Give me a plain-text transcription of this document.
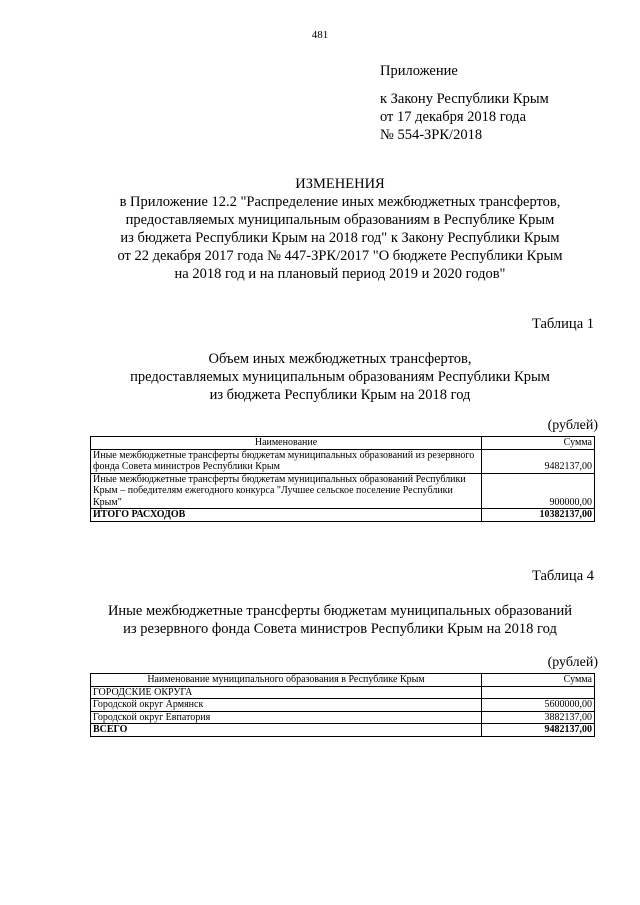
481
Приложение
к Закону Республики Крым
от 17 декабря 2018 года
№ 554-ЗРК/2018
ИЗМЕНЕНИЯ
в Приложение 12.2 "Распределение иных межбюджетных трансфертов,
предоставляемых муниципальным образованиям в Республике Крым
из бюджета Республики Крым на 2018 год" к Закону Республики Крым
от 22 декабря 2017 года № 447-ЗРК/2017 "О бюджете Республики Крым
на 2018 год и на плановый период 2019 и 2020 годов"
Таблица 1
Объем иных межбюджетных трансфертов,
предоставляемых муниципальным образованиям Республики Крым
из бюджета Республики Крым на 2018 год
(рублей)
Наименование	Сумма
Иные межбюджетные трансферты бюджетам муниципальных образований из резервного фонда Совета министров Республики Крым	9482137,00
Иные межбюджетные трансферты бюджетам муниципальных образований Республики Крым – победителям ежегодного конкурса "Лучшее сельское поселение Республики Крым"	900000,00
ИТОГО РАСХОДОВ	10382137,00
Таблица 4
Иные межбюджетные трансферты бюджетам муниципальных образований
из резервного фонда Совета министров Республики Крым на 2018 год
(рублей)
Наименование муниципального образования в Республике Крым	Сумма
ГОРОДСКИЕ ОКРУГА	
Городской округ Армянск	5600000,00
Городской округ Евпатория	3882137,00
ВСЕГО	9482137,00
